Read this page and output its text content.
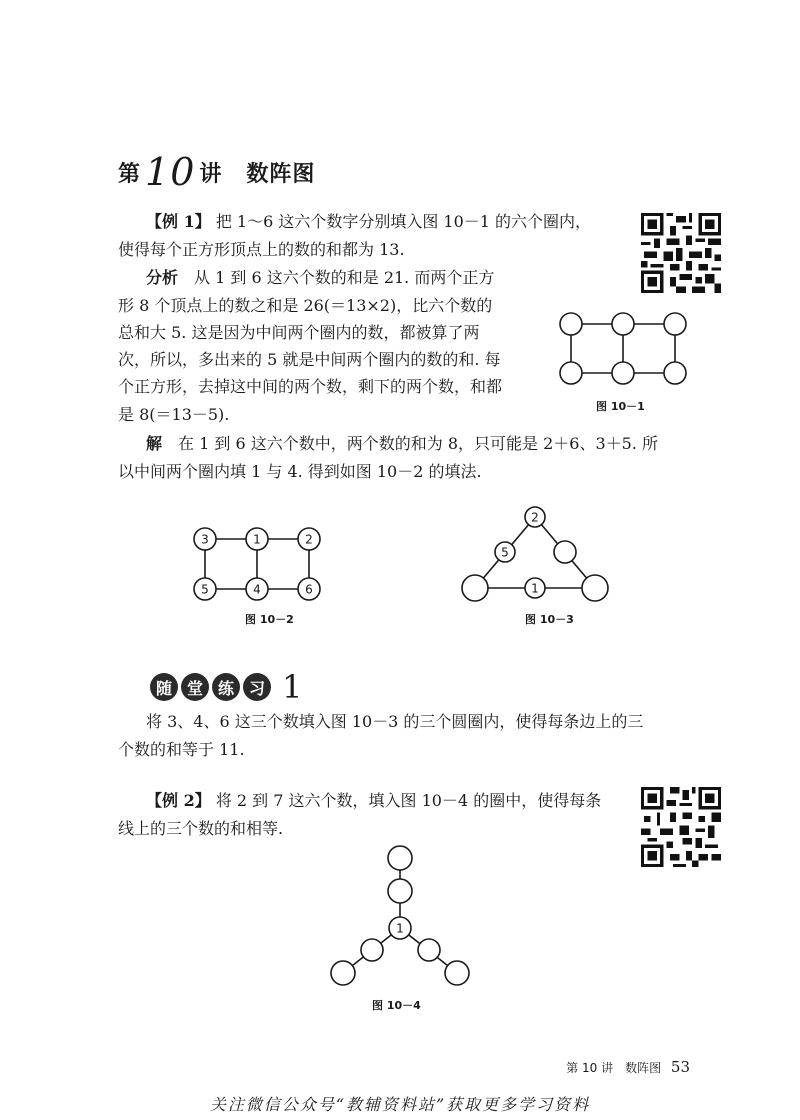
第 10 讲 数阵图
【例 1】 把 1～6 这六个数字分别填入图 10－1 的六个圈内，
使得每个正方形顶点上的数的和都为 13.
分析　 从 1 到 6 这六个数的和是 21. 而两个正方
形 8 个顶点上的数之和是 26(＝13×2)，比六个数的
总和大 5. 这是因为中间两个圈内的数，都被算了两
次，所以，多出来的 5 就是中间两个圈内的数的和. 每
个正方形，去掉这中间的两个数，剩下的两个数，和都
是 8(＝13－5).	图 10－1
解　 在 1 到 6 这六个数中，两个数的和为 8，只可能是 2＋6、3＋5. 所
以中间两个圈内填 1 与 4. 得到如图 10－2 的填法.
3	1	2
5	4	6
图 10－2
2
5
1
图 10－3
随 堂 练 习 1
将 3、4、6 这三个数填入图 10－3 的三个圆圈内，使得每条边上的三
个数的和等于 11.
【例 2】 将 2 到 7 这六个数，填入图 10－4 的圈中，使得每条
线上的三个数的和相等.
1
图 10－4
第 10 讲　数阵图 53
关注微信公众号“教辅资料站”获取更多学习资料
